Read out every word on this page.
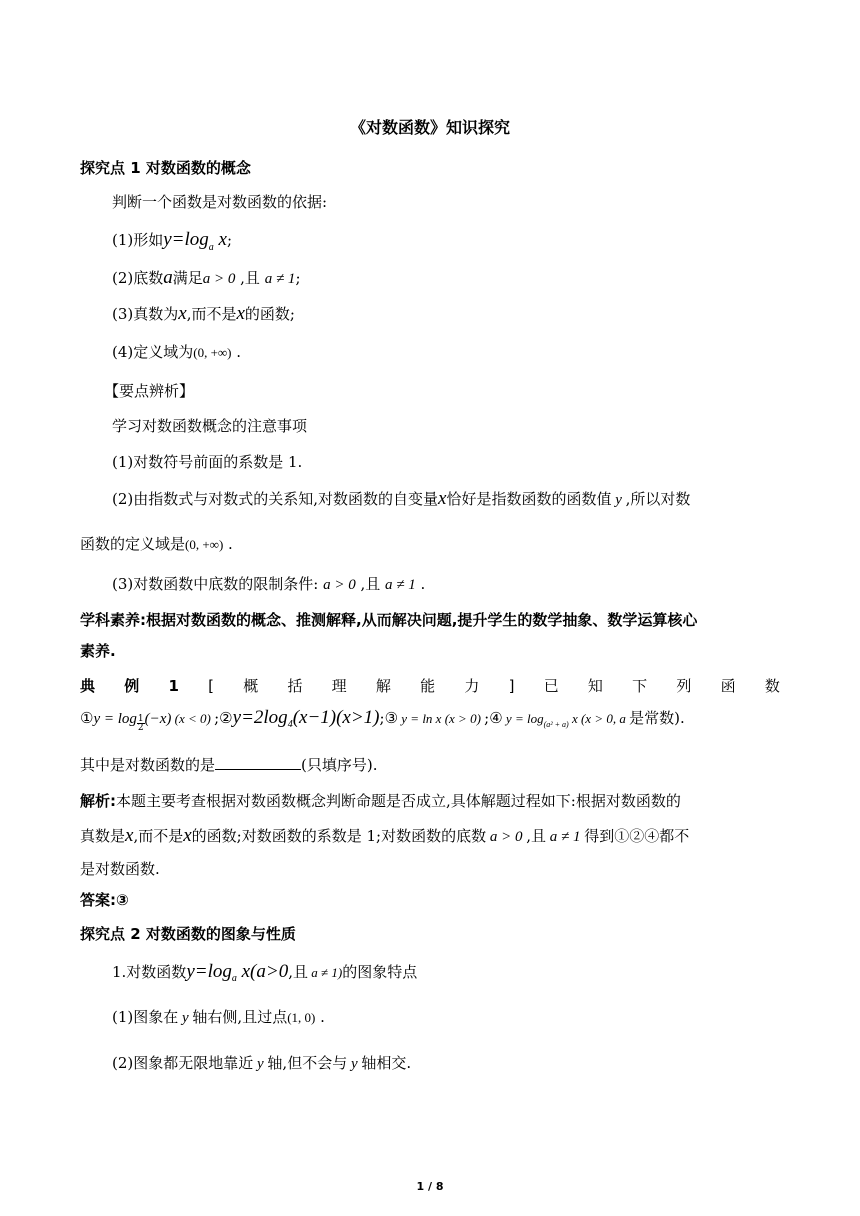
《对数函数》知识探究
探究点 1 对数函数的概念
判断一个函数是对数函数的依据:
(1)形如$y=\log_a$ x;
(2)底数a满足a > 0 ,且 a ≠ 1;
(3)真数为x,而不是x的函数;
(4)定义域为(0, +∞) .
【要点辨析】
学习对数函数概念的注意事项
(1)对数符号前面的系数是 1.
(2)由指数式与对数式的关系知,对数函数的自变量x恰好是指数函数的函数值 y ,所以对数
函数的定义域是(0, +∞) .
(3)对数函数中底数的限制条件: a > 0 ,且 a ≠ 1 .
学科素养:根据对数函数的概念、推测解释,从而解决问题,提升学生的数学抽象、数学运算核心
素养.
典 例 1 [ 概 括 理 解 能 力 ] 已 知 下 列 函 数
①y = $\log \frac{1}{2} (-x) (x < 0)$ $;②y=2\log_4(x-1)(x>1);③$ y = ln x (x > 0) ;④ $y = \log_{(a^2 + a)} x$ (x > 0, a 是常数).
其中是对数函数的是	(只填序号).
解析:本题主要考查根据对数函数概念判断命题是否成立,具体解题过程如下:根据对数函数的
真数是x,而不是x的函数;对数函数的系数是 1;对数函数的底数 a > 0 ,且 a ≠ 1 得到①②④都不
是对数函数.
答案:③
探究点 2 对数函数的图象与性质
1.对数函数$y=\log_a$ x(a>0,且 a ≠ 1)的图象特点
(1)图象在 y 轴右侧,且过点(1, 0) .
(2)图象都无限地靠近 y 轴,但不会与 y 轴相交.
1 / 8
